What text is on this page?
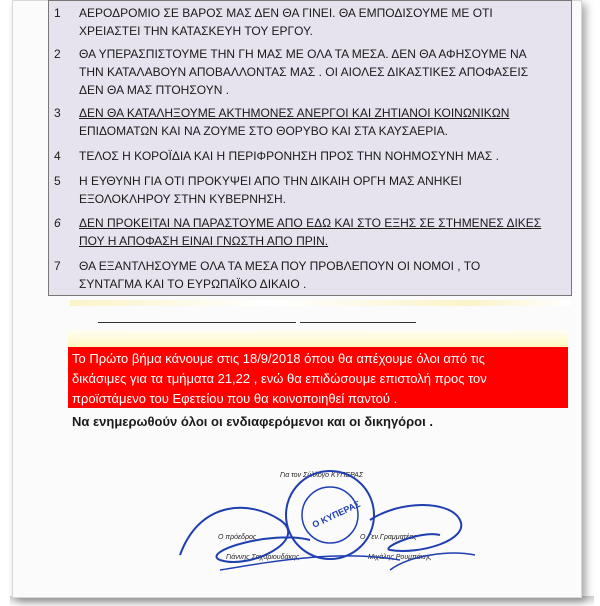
1	ΑΕΡΟΔΡΟΜΙΟ ΣΕ ΒΑΡΟΣ ΜΑΣ ΔΕΝ ΘΑ ΓΙΝΕΙ. ΘΑ ΕΜΠΟΔΙΣΟΥΜΕ ΜΕ ΟΤΙ
ΧΡΕΙΑΣΤΕΙ ΤΗΝ ΚΑΤΑΣΚΕΥΗ ΤΟΥ ΕΡΓΟΥ.
2	ΘΑ ΥΠΕΡΑΣΠΙΣΤΟΥΜΕ ΤΗΝ ΓΗ ΜΑΣ ΜΕ ΟΛΑ ΤΑ ΜΕΣΑ. ΔΕΝ ΘΑ ΑΦΗΣΟΥΜΕ ΝΑ
ΤΗΝ ΚΑΤΑΛΑΒΟΥΝ ΑΠΟΒΑΛΛΟΝΤΑΣ ΜΑΣ . ΟΙ ΑΙΟΛΕΣ ΔΙΚΑΣΤΙΚΕΣ ΑΠΟΦΑΣΕΙΣ
ΔΕΝ ΘΑ ΜΑΣ ΠΤΟΗΣΟΥΝ .
3	ΔΕΝ ΘΑ ΚΑΤΑΛΗΞΟΥΜΕ ΑΚΤΗΜΟΝΕΣ ΑΝΕΡΓΟΙ ΚΑΙ ΖΗΤΙΑΝΟΙ ΚΟΙΝΩΝΙΚΩΝ
ΕΠΙΔΟΜΑΤΩΝ ΚΑΙ ΝΑ ΖΟΥΜΕ ΣΤΟ ΘΟΡΥΒΟ ΚΑΙ ΣΤΑ ΚΑΥΣΑΕΡΙΑ.
4	ΤΕΛΟΣ Η ΚΟΡΟΪΔΙΑ ΚΑΙ Η ΠΕΡΙΦΡΟΝΗΣΗ ΠΡΟΣ ΤΗΝ ΝΟΗΜΟΣΥΝΗ ΜΑΣ .
5	Η ΕΥΘΥΝΗ ΓΙΑ ΟΤΙ ΠΡΟΚΥΨΕΙ ΑΠΟ ΤΗΝ ΔΙΚΑΙΗ ΟΡΓΗ ΜΑΣ ΑΝΗΚΕΙ
ΕΞΟΛΟΚΛΗΡΟΥ ΣΤΗΝ ΚΥΒΕΡΝΗΣΗ.
6	ΔΕΝ ΠΡΟΚΕΙΤΑΙ ΝΑ ΠΑΡΑΣΤΟΥΜΕ ΑΠΟ ΕΔΩ ΚΑΙ ΣΤΟ ΕΞΗΣ ΣΕ ΣΤΗΜΕΝΕΣ ΔΙΚΕΣ
ΠΟΥ Η ΑΠΟΦΑΣΗ ΕΙΝΑΙ ΓΝΩΣΤΗ ΑΠΟ ΠΡΙΝ.
7	ΘΑ ΕΞΑΝΤΛΗΣΟΥΜΕ ΟΛΑ ΤΑ ΜΕΣΑ ΠΟΥ ΠΡΟΒΛΕΠΟΥΝ ΟΙ ΝΟΜΟΙ , ΤΟ
ΣΥΝΤΑΓΜΑ ΚΑΙ ΤΟ ΕΥΡΩΠΑΪΚΟ ΔΙΚΑΙΟ .
Το Πρώτο βήμα κάνουμε στις 18/9/2018 όπου θα απέχουμε όλοι από τις
δικάσιμες για τα τμήματα 21,22 , ενώ θα επιδώσουμε επιστολή προς τον
προϊστάμενο του Εφετείου που θα κοινοποιηθεί παντού .
Να ενημερωθούν όλοι οι ενδιαφερόμενοι και οι δικηγόροι .
Για τον Σύλλογο ΚΥΠΕΡΑΣ
Ο πρόεδρος
Γιάννης Σαχαριουδάκης
Ο Γεν.Γραμματέας
Μιχάλης Ρουμπάκης
Ο ΚΥΠΕΡΑΣ
